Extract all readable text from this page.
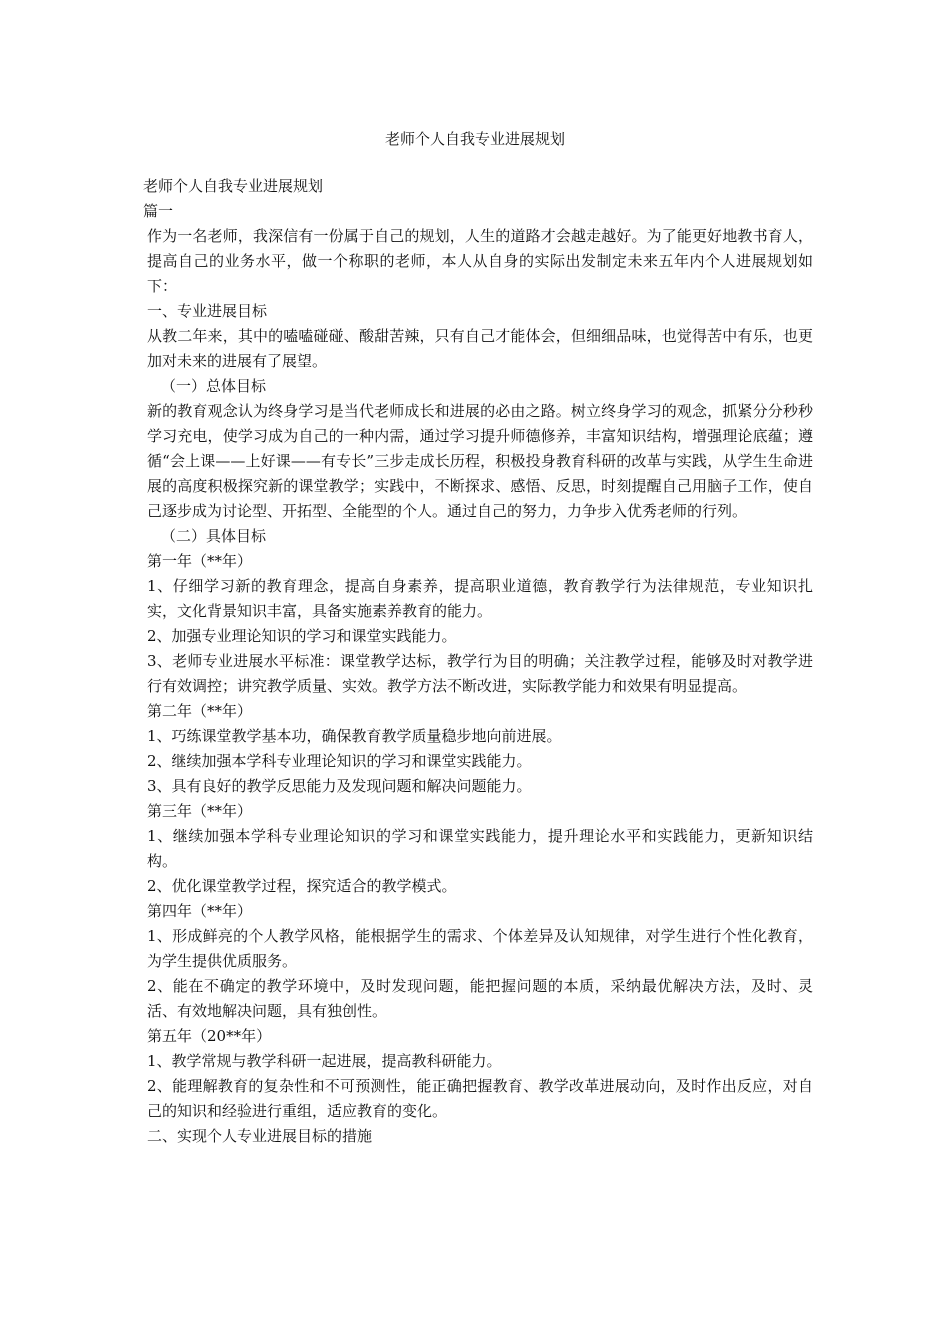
老师个人自我专业进展规划

老师个人自我专业进展规划

篇一

作为一名老师，我深信有一份属于自己的规划，人生的道路才会越走越好。为了能更好地教书育人，提高自己的业务水平，做一个称职的老师，本人从自身的实际出发制定未来五年内个人进展规划如下：

一、专业进展目标

从教二年来，其中的嗑嗑碰碰、酸甜苦辣，只有自己才能体会，但细细品味，也觉得苦中有乐，也更加对未来的进展有了展望。

（一）总体目标

新的教育观念认为终身学习是当代老师成长和进展的必由之路。树立终身学习的观念，抓紧分分秒秒学习充电，使学习成为自己的一种内需，通过学习提升师德修养，丰富知识结构，增强理论底蕴；遵循“会上课——上好课——有专长”三步走成长历程，积极投身教育科研的改革与实践，从学生生命进展的高度积极探究新的课堂教学；实践中，不断探求、感悟、反思，时刻提醒自己用脑子工作，使自己逐步成为讨论型、开拓型、全能型的个人。通过自己的努力，力争步入优秀老师的行列。

（二）具体目标

第一年（**年）

1、仔细学习新的教育理念，提高自身素养，提高职业道德，教育教学行为法律规范，专业知识扎实，文化背景知识丰富，具备实施素养教育的能力。

2、加强专业理论知识的学习和课堂实践能力。

3、老师专业进展水平标准：课堂教学达标，教学行为目的明确；关注教学过程，能够及时对教学进行有效调控；讲究教学质量、实效。教学方法不断改进，实际教学能力和效果有明显提高。

第二年（**年）

1、巧练课堂教学基本功，确保教育教学质量稳步地向前进展。

2、继续加强本学科专业理论知识的学习和课堂实践能力。

3、具有良好的教学反思能力及发现问题和解决问题能力。

第三年（**年）

1、继续加强本学科专业理论知识的学习和课堂实践能力，提升理论水平和实践能力，更新知识结构。

2、优化课堂教学过程，探究适合的教学模式。

第四年（**年）

1、形成鲜亮的个人教学风格，能根据学生的需求、个体差异及认知规律，对学生进行个性化教育，为学生提供优质服务。

2、能在不确定的教学环境中，及时发现问题，能把握问题的本质，采纳最优解决方法，及时、灵活、有效地解决问题，具有独创性。

第五年（20**年）

1、教学常规与教学科研一起进展，提高教科研能力。

2、能理解教育的复杂性和不可预测性，能正确把握教育、教学改革进展动向，及时作出反应，对自己的知识和经验进行重组，适应教育的变化。

二、实现个人专业进展目标的措施
